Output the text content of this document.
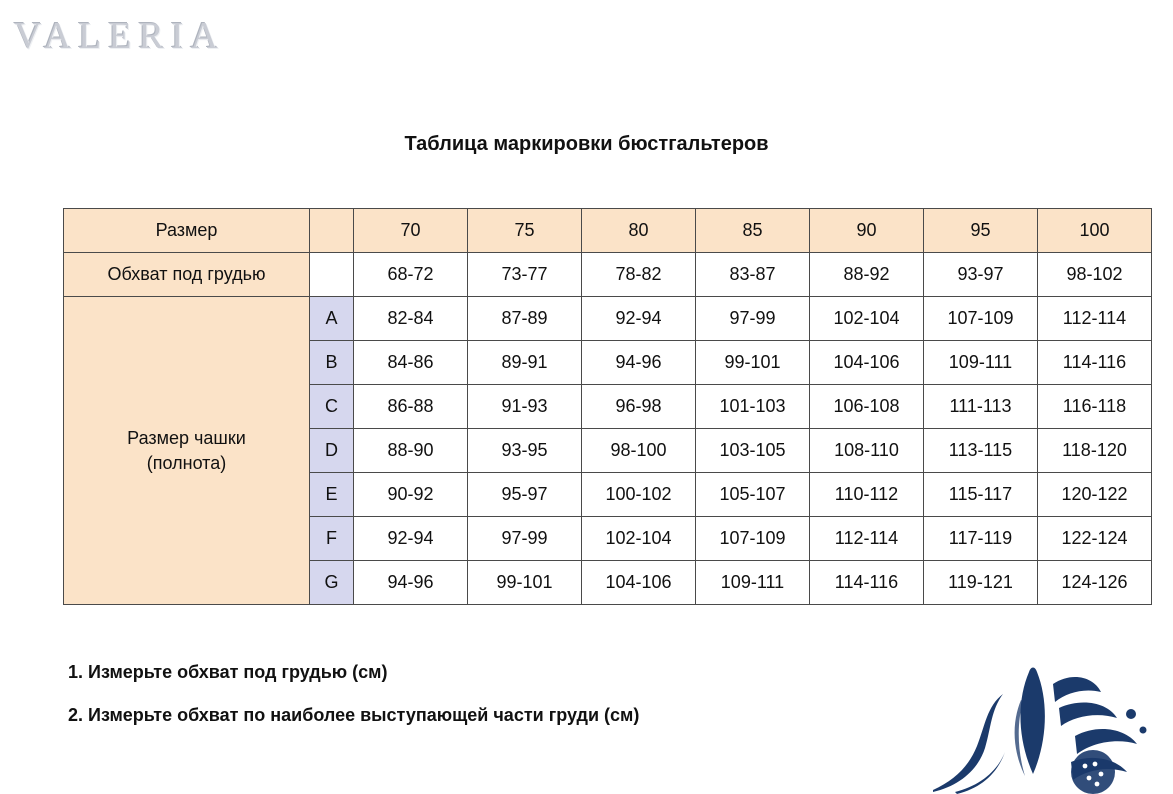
VALERIA
Таблица маркировки бюстгальтеров
Размер		70	75	80	85	90	95	100
Обхват под грудью		68-72	73-77	78-82	83-87	88-92	93-97	98-102
Размер чашки
(полнота)	A	82-84	87-89	92-94	97-99	102-104	107-109	112-114
	B	84-86	89-91	94-96	99-101	104-106	109-111	114-116
	C	86-88	91-93	96-98	101-103	106-108	111-113	116-118
	D	88-90	93-95	98-100	103-105	108-110	113-115	118-120
	E	90-92	95-97	100-102	105-107	110-112	115-117	120-122
	F	92-94	97-99	102-104	107-109	112-114	117-119	122-124
	G	94-96	99-101	104-106	109-111	114-116	119-121	124-126
1. Измерьте обхват под грудью (см)
2. Измерьте обхват по наиболее выступающей части груди (см)
